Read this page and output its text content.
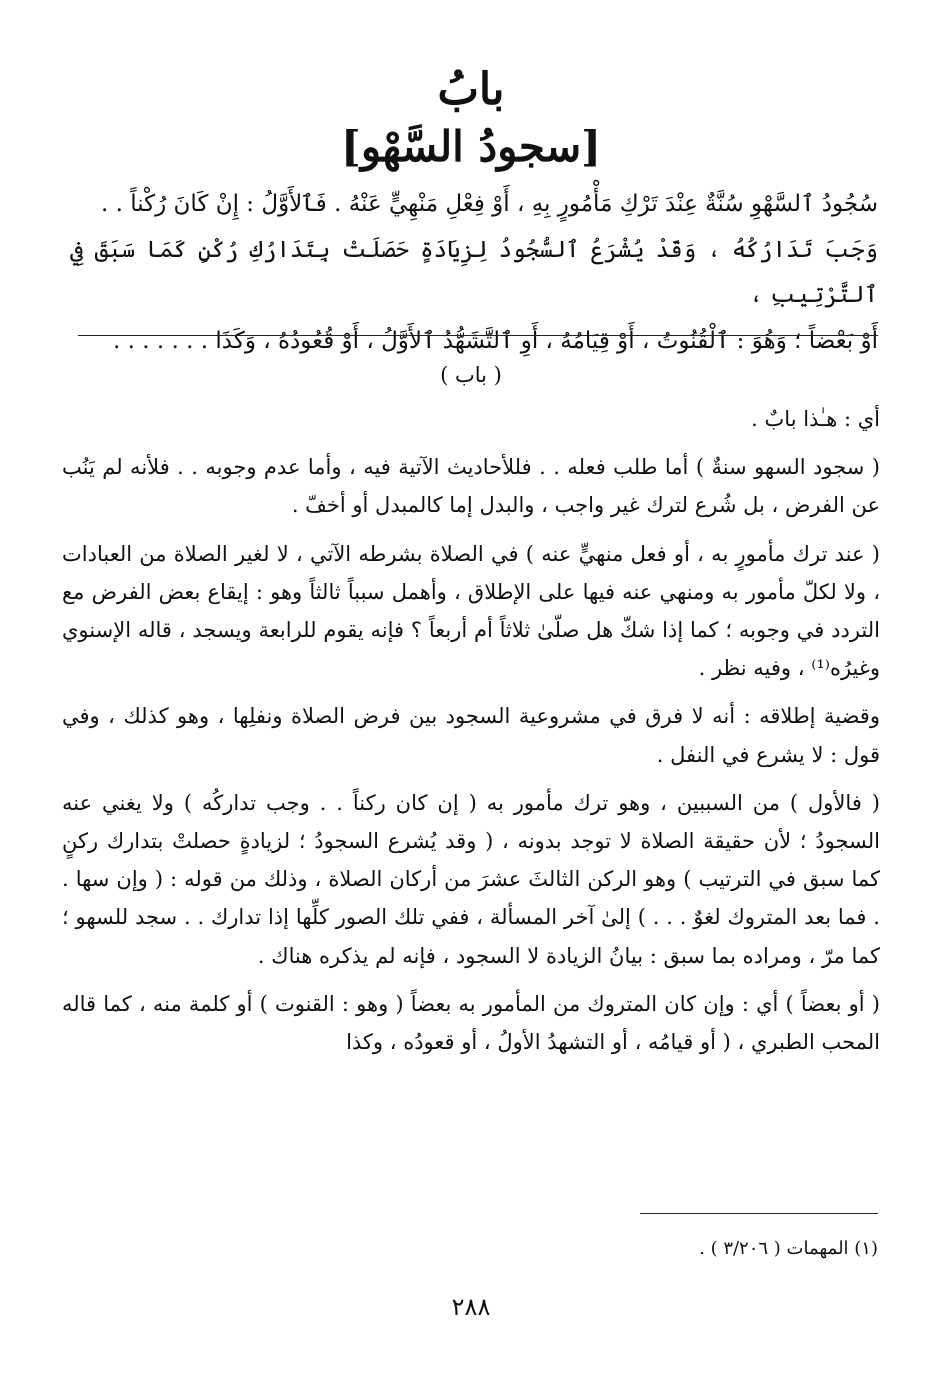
بابُ
[سجودُ السَّهْو]

سُجُودُ ٱلسَّهْوِ سُنَّةٌ عِنْدَ تَرْكِ مَأْمُورٍ بِهِ ، أَوْ فِعْلِ مَنْهِيٍّ عَنْهُ . فَٱلأَوَّلُ : إِنْ كَانَ رُكْناً . .

وَجَبَ تَدَارُكُهُ ، وَقَدْ يُشْرَعُ ٱلسُّجُودُ لِزِيَادَةٍ حَصَلَتْ بِتَدَارُكِ رُكْنٍ كَمَا سَبَقَ فِي ٱلتَّرْتِيبِ ،

أَوْ بَعْضاً ؛ وَهُوَ : ٱلْقُنُوتُ ، أَوْ قِيَامُهُ ، أَوِ ٱلتَّشَهُّدُ ٱلأَوَّلُ ، أَوْ قُعُودُهُ ، وَكَذَا . . . . . . .

( باب )

أي : هـٰذا بابٌ .

( سجود السهو سنةٌ ) أما طلب فعله . . فللأحاديث الآتية فيه ، وأما عدم وجوبه . . فلأنه لم يَنُب عن الفرض ، بل شُرع لترك غير واجب ، والبدل إما كالمبدل أو أخفّ .

( عند ترك مأمورٍ به ، أو فعل منهيٍّ عنه ) في الصلاة بشرطه الآتي ، لا لغير الصلاة من العبادات ، ولا لكلّ مأمور به ومنهي عنه فيها على الإطلاق ، وأهمل سبباً ثالثاً وهو : إيقاع بعض الفرض مع التردد في وجوبه ؛ كما إذا شكّ هل صلّىٰ ثلاثاً أم أربعاً ؟ فإنه يقوم للرابعة ويسجد ، قاله الإسنوي وغيرُه⁽¹⁾ ، وفيه نظر .

وقضية إطلاقه : أنه لا فرق في مشروعية السجود بين فرض الصلاة ونفلِها ، وهو كذلك ، وفي قول : لا يشرع في النفل .

( فالأول ) من السببين ، وهو ترك مأمور به ( إن كان ركناً . . وجب تداركُه ) ولا يغني عنه السجودُ ؛ لأن حقيقة الصلاة لا توجد بدونه ، ( وقد يُشرع السجودُ ؛ لزيادةٍ حصلتْ بتدارك ركنٍ كما سبق في الترتيب ) وهو الركن الثالثَ عشرَ من أركان الصلاة ، وذلك من قوله : ( وإن سها . . فما بعد المتروك لغوٌ . . . ) إلىٰ آخر المسألة ، ففي تلك الصور كلِّها إذا تدارك . . سجد للسهو ؛ كما مرّ ، ومراده بما سبق : بيانُ الزيادة لا السجود ، فإنه لم يذكره هناك .

( أو بعضاً ) أي : وإن كان المتروك من المأمور به بعضاً ( وهو : القنوت ) أو كلمة منه ، كما قاله المحب الطبري ، ( أو قيامُه ، أو التشهدُ الأولُ ، أو قعودُه ، وكذا

(١) المهمات ( ٣/٢٠٦ ) .
٢٨٨
